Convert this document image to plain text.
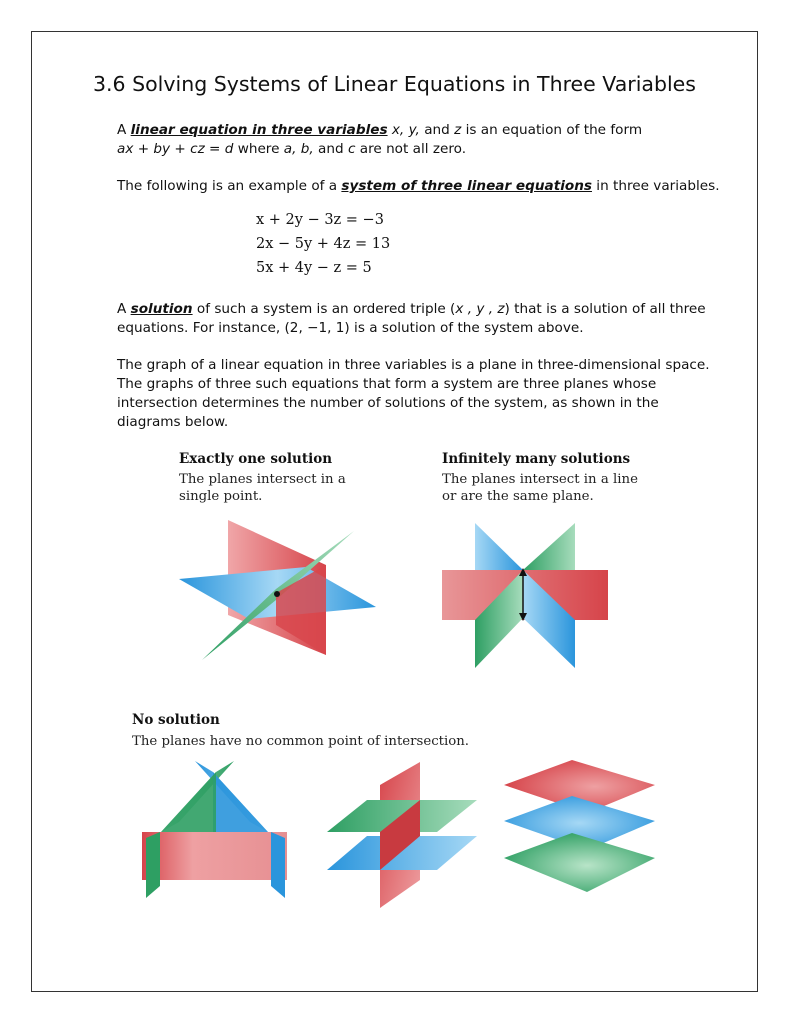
3.6 Solving Systems of Linear Equations in Three Variables
A linear equation in three variables x, y, and z is an equation of the form
ax + by + cz = d where a, b, and c are not all zero.
The following is an example of a system of three linear equations in three variables.
x + 2y − 3z = −3
2x − 5y + 4z = 13
5x + 4y − z = 5
A solution of such a system is an ordered triple (x , y , z) that is a solution of all three
equations. For instance, (2, −1, 1) is a solution of the system above.
The graph of a linear equation in three variables is a plane in three-dimensional space.
The graphs of three such equations that form a system are three planes whose
intersection determines the number of solutions of the system, as shown in the
diagrams below.
Exactly one solution
The planes intersect in a
single point.
Infinitely many solutions
The planes intersect in a line
or are the same plane.
No solution
The planes have no common point of intersection.
